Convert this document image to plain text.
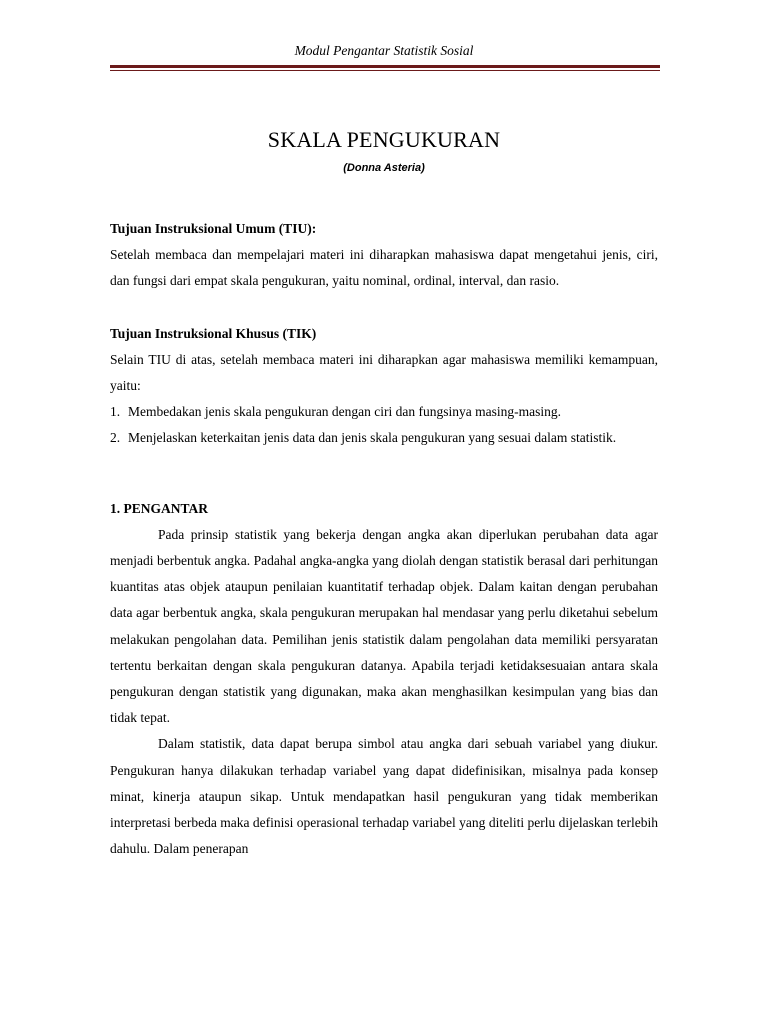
Modul Pengantar Statistik Sosial
SKALA PENGUKURAN
(Donna Asteria)
Tujuan Instruksional Umum (TIU):
Setelah membaca dan mempelajari materi ini diharapkan mahasiswa dapat mengetahui jenis, ciri, dan fungsi dari empat skala pengukuran, yaitu nominal, ordinal, interval, dan rasio.
Tujuan Instruksional Khusus (TIK)
Selain TIU di atas, setelah membaca materi ini diharapkan agar mahasiswa memiliki kemampuan, yaitu:
1. Membedakan jenis skala pengukuran dengan ciri dan fungsinya masing-masing.
2. Menjelaskan keterkaitan jenis data dan jenis skala pengukuran yang sesuai dalam statistik.
1. PENGANTAR
Pada prinsip statistik yang bekerja dengan angka akan diperlukan perubahan data agar menjadi berbentuk angka. Padahal angka-angka yang diolah dengan statistik berasal dari perhitungan kuantitas atas objek ataupun penilaian kuantitatif terhadap objek. Dalam kaitan dengan perubahan data agar berbentuk angka, skala pengukuran merupakan hal mendasar yang perlu diketahui sebelum melakukan pengolahan data. Pemilihan jenis statistik dalam pengolahan data memiliki persyaratan tertentu berkaitan dengan skala pengukuran datanya. Apabila terjadi ketidaksesuaian antara skala pengukuran dengan statistik yang digunakan, maka akan menghasilkan kesimpulan yang bias dan tidak tepat.
Dalam statistik, data dapat berupa simbol atau angka dari sebuah variabel yang diukur. Pengukuran hanya dilakukan terhadap variabel yang dapat didefinisikan, misalnya pada konsep minat, kinerja ataupun sikap. Untuk mendapatkan hasil pengukuran yang tidak memberikan interpretasi berbeda maka definisi operasional terhadap variabel yang diteliti perlu dijelaskan terlebih dahulu. Dalam penerapan
